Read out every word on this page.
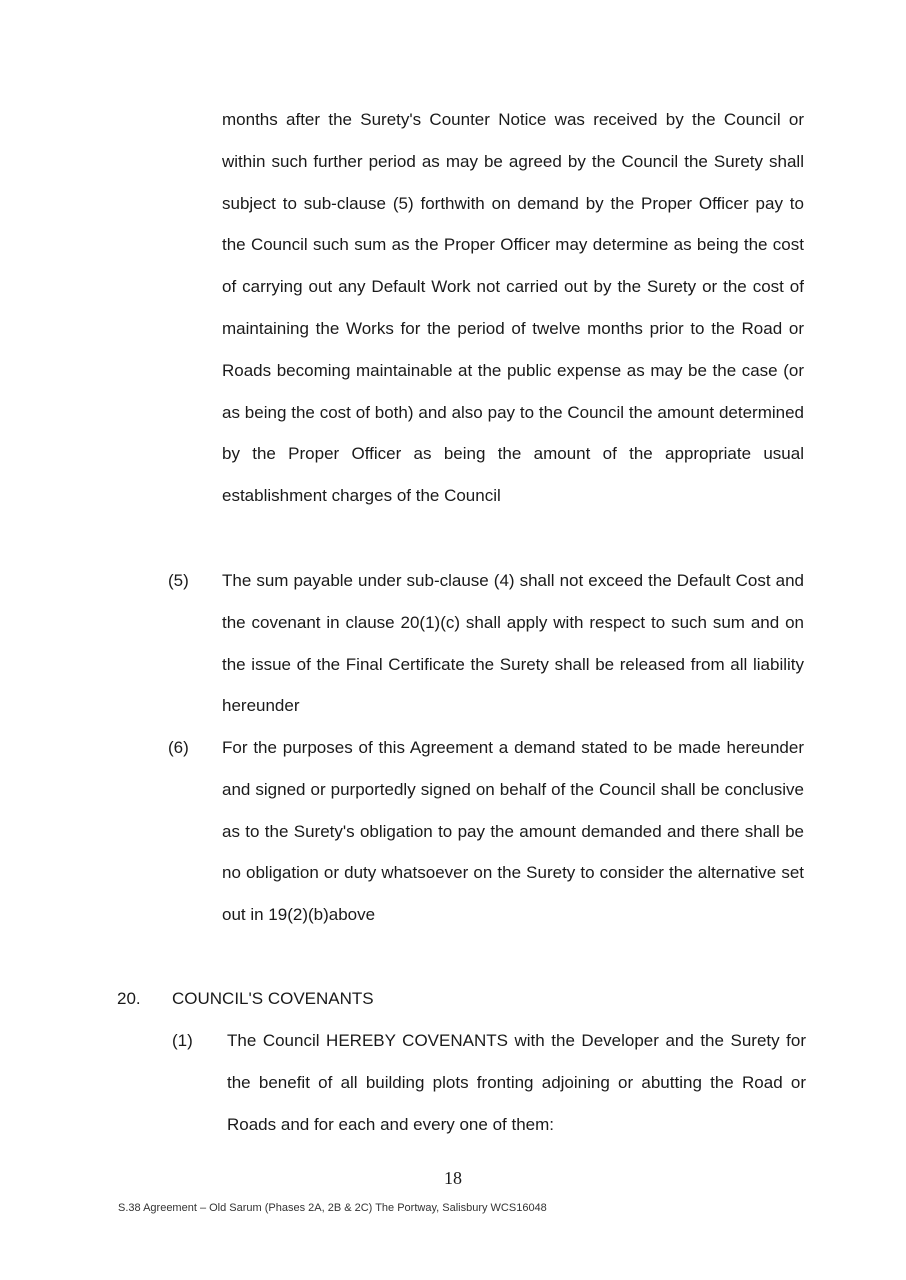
months after the Surety's Counter Notice was received by the Council or within such further period as may be agreed by the Council the Surety shall subject to sub-clause (5) forthwith on demand by the Proper Officer pay to the Council such sum as the Proper Officer may determine as being the cost of carrying out any Default Work not carried out by the Surety or the cost of maintaining the Works for the period of twelve months prior to the Road or Roads becoming maintainable at the public expense as may be the case (or as being the cost of both) and also pay to the Council the amount determined by the Proper Officer as being the amount of the appropriate usual establishment charges of the Council
(5) The sum payable under sub-clause (4) shall not exceed the Default Cost and the covenant in clause 20(1)(c) shall apply with respect to such sum and on the issue of the Final Certificate the Surety shall be released from all liability hereunder
(6) For the purposes of this Agreement a demand stated to be made hereunder and signed or purportedly signed on behalf of the Council shall be conclusive as to the Surety's obligation to pay the amount demanded and there shall be no obligation or duty whatsoever on the Surety to consider the alternative set out in 19(2)(b)above
20. COUNCIL'S COVENANTS
(1) The Council HEREBY COVENANTS with the Developer and the Surety for the benefit of all building plots fronting adjoining or abutting the Road or Roads and for each and every one of them:
18
S.38 Agreement – Old Sarum (Phases 2A, 2B & 2C) The Portway, Salisbury WCS16048
